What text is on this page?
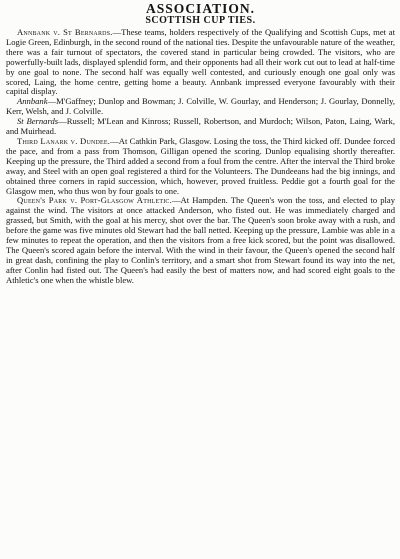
ASSOCIATION.
SCOTTISH CUP TIES.

Annbank v. St Bernards.—These teams, holders respectively of the Qualifying and Scottish Cups, met at Logie Green, Edinburgh, in the second round of the national ties. Despite the unfavourable nature of the weather, there was a fair turnout of spectators, the covered stand in particular being crowded. The visitors, who are powerfully-built lads, displayed splendid form, and their opponents had all their work cut out to lead at half-time by one goal to none. The second half was equally well contested, and curiously enough one goal only was scored, Laing, the home centre, getting home a beauty. Annbank impressed everyone favourably with their capital display.

Annbank—M'Gaffney; Dunlop and Bowman; J. Colville, W. Gourlay, and Henderson; J. Gourlay, Donnelly, Kerr, Welsh, and J. Colville.

St Bernards—Russell; M'Lean and Kinross; Russell, Robertson, and Murdoch; Wilson, Paton, Laing, Wark, and Muirhead.

Third Lanark v. Dundee.—At Cathkin Park, Glasgow. Losing the toss, the Third kicked off. Dundee forced the pace, and from a pass from Thomson, Gilligan opened the scoring. Dunlop equalising shortly thereafter. Keeping up the pressure, the Third added a second from a foul from the centre. After the interval the Third broke away, and Steel with an open goal registered a third for the Volunteers. The Dundeeans had the big innings, and obtained three corners in rapid succession, which, however, proved fruitless. Peddie got a fourth goal for the Glasgow men, who thus won by four goals to one.

Queen's Park v. Port-Glasgow Athletic.—At Hampden. The Queen's won the toss, and elected to play against the wind. The visitors at once attacked Anderson, who fisted out. He was immediately charged and grassed, but Smith, with the goal at his mercy, shot over the bar. The Queen's soon broke away with a rush, and before the game was five minutes old Stewart had the ball netted. Keeping up the pressure, Lambie was able in a few minutes to repeat the operation, and then the visitors from a free kick scored, but the point was disallowed. The Queen's scored again before the interval. With the wind in their favour, the Queen's opened the second half in great dash, confining the play to Conlin's territory, and a smart shot from Stewart found its way into the net, after Conlin had fisted out. The Queen's had easily the best of matters now, and had scored eight goals to the Athletic's one when the whistle blew.
